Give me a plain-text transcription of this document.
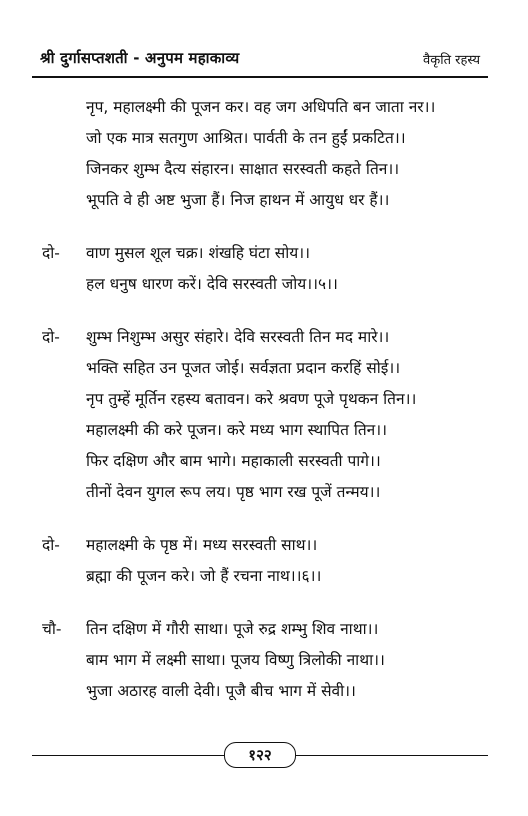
श्री दुर्गासप्तशती - अनुपम महाकाव्य	वैकृति रहस्य
नृप, महालक्ष्मी की पूजन कर। वह जग अधिपति बन जाता नर।।
जो एक मात्र सतगुण आश्रित। पार्वती के तन हुईं प्रकटित।।
जिनकर शुम्भ दैत्य संहारन। साक्षात सरस्वती कहते तिन।।
भूपति वे ही अष्ट भुजा हैं। निज हाथन में आयुध धर हैं।।
दो-	वाण मुसल शूल चक्र। शंखहि घंटा सोय।।
हल धनुष धारण करें। देवि सरस्वती जोय।।५।।
दो-	शुम्भ निशुम्भ असुर संहारे। देवि सरस्वती तिन मद मारे।।
भक्ति सहित उन पूजत जोई। सर्वज्ञता प्रदान करहिं सोई।।
नृप तुम्हें मूर्तिन रहस्य बतावन। करे श्रवण पूजे पृथकन तिन।।
महालक्ष्मी की करे पूजन। करे मध्य भाग स्थापित तिन।।
फिर दक्षिण और बाम भागे। महाकाली सरस्वती पागे।।
तीनों देवन युगल रूप लय। पृष्ठ भाग रख पूजें तन्मय।।
दो-	महालक्ष्मी के पृष्ठ में। मध्य सरस्वती साथ।।
ब्रह्मा की पूजन करे। जो हैं रचना नाथ।।६।।
चौ-	तिन दक्षिण में गौरी साथा। पूजे रुद्र शम्भु शिव नाथा।।
बाम भाग में लक्ष्मी साथा। पूजय विष्णु त्रिलोकी नाथा।।
भुजा अठारह वाली देवी। पूजै बीच भाग में सेवी।।
१२२
